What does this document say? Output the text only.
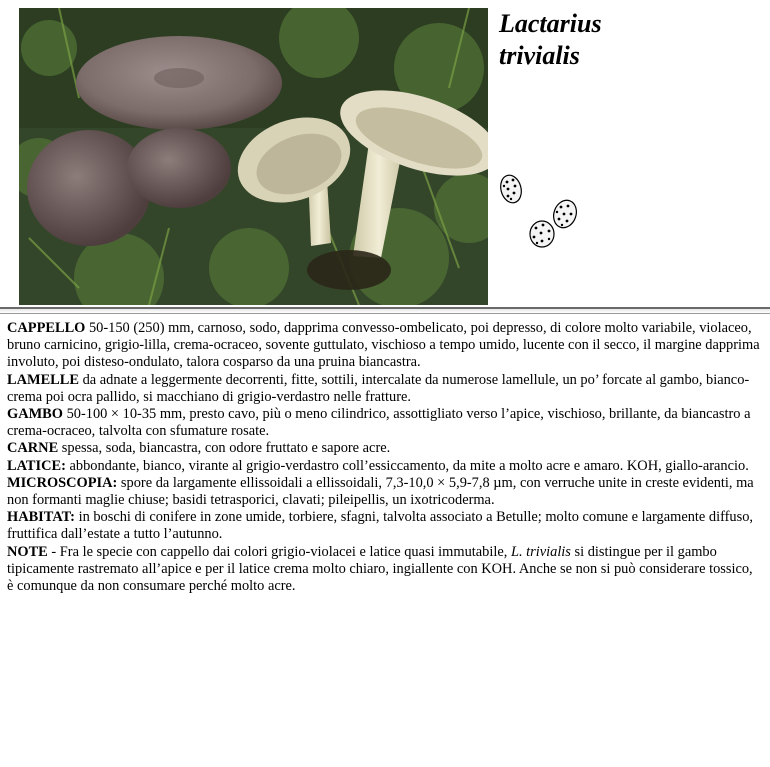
Lactarius
trivialis

CAPPELLO 50-150 (250) mm, carnoso, sodo, dapprima convesso-ombelicato, poi depresso, di colore molto variabile, violaceo, bruno carnicino, grigio-lilla, crema-ocraceo, sovente guttulato, vischioso a tempo umido, lucente con il secco, il margine dapprima involuto, poi disteso-ondulato, talora cosparso da una pruina biancastra.

LAMELLE da adnate a leggermente decorrenti, fitte, sottili, intercalate da numerose lamellule, un po’ forcate al gambo, bianco-crema poi ocra pallido, si macchiano di grigio-verdastro nelle fratture.

GAMBO 50-100 × 10-35 mm, presto cavo, più o meno cilindrico, assottigliato verso l’apice, vischioso, brillante, da biancastro a crema-ocraceo, talvolta con sfumature rosate.

CARNE spessa, soda, biancastra, con odore fruttato e sapore acre.

LATICE: abbondante, bianco, virante al grigio-verdastro coll’essiccamento, da mite a molto acre e amaro. KOH, giallo-arancio.

MICROSCOPIA: spore da largamente ellissoidali a ellissoidali, 7,3-10,0 × 5,9-7,8 µm, con verruche unite in creste evidenti, ma non formanti maglie chiuse; basidi tetrasporici, clavati; pileipellis, un ixotricoderma.

HABITAT: in boschi di conifere in zone umide, torbiere, sfagni, talvolta associato a Betulle; molto comune e largamente diffuso, fruttifica dall’estate a tutto l’autunno.

NOTE - Fra le specie con cappello dai colori grigio-violacei e latice quasi immutabile, L. trivialis si distingue per il gambo tipicamente rastremato all’apice e per il latice crema molto chiaro, ingiallente con KOH. Anche se non si può considerare tossico, è comunque da non consumare perché molto acre.
